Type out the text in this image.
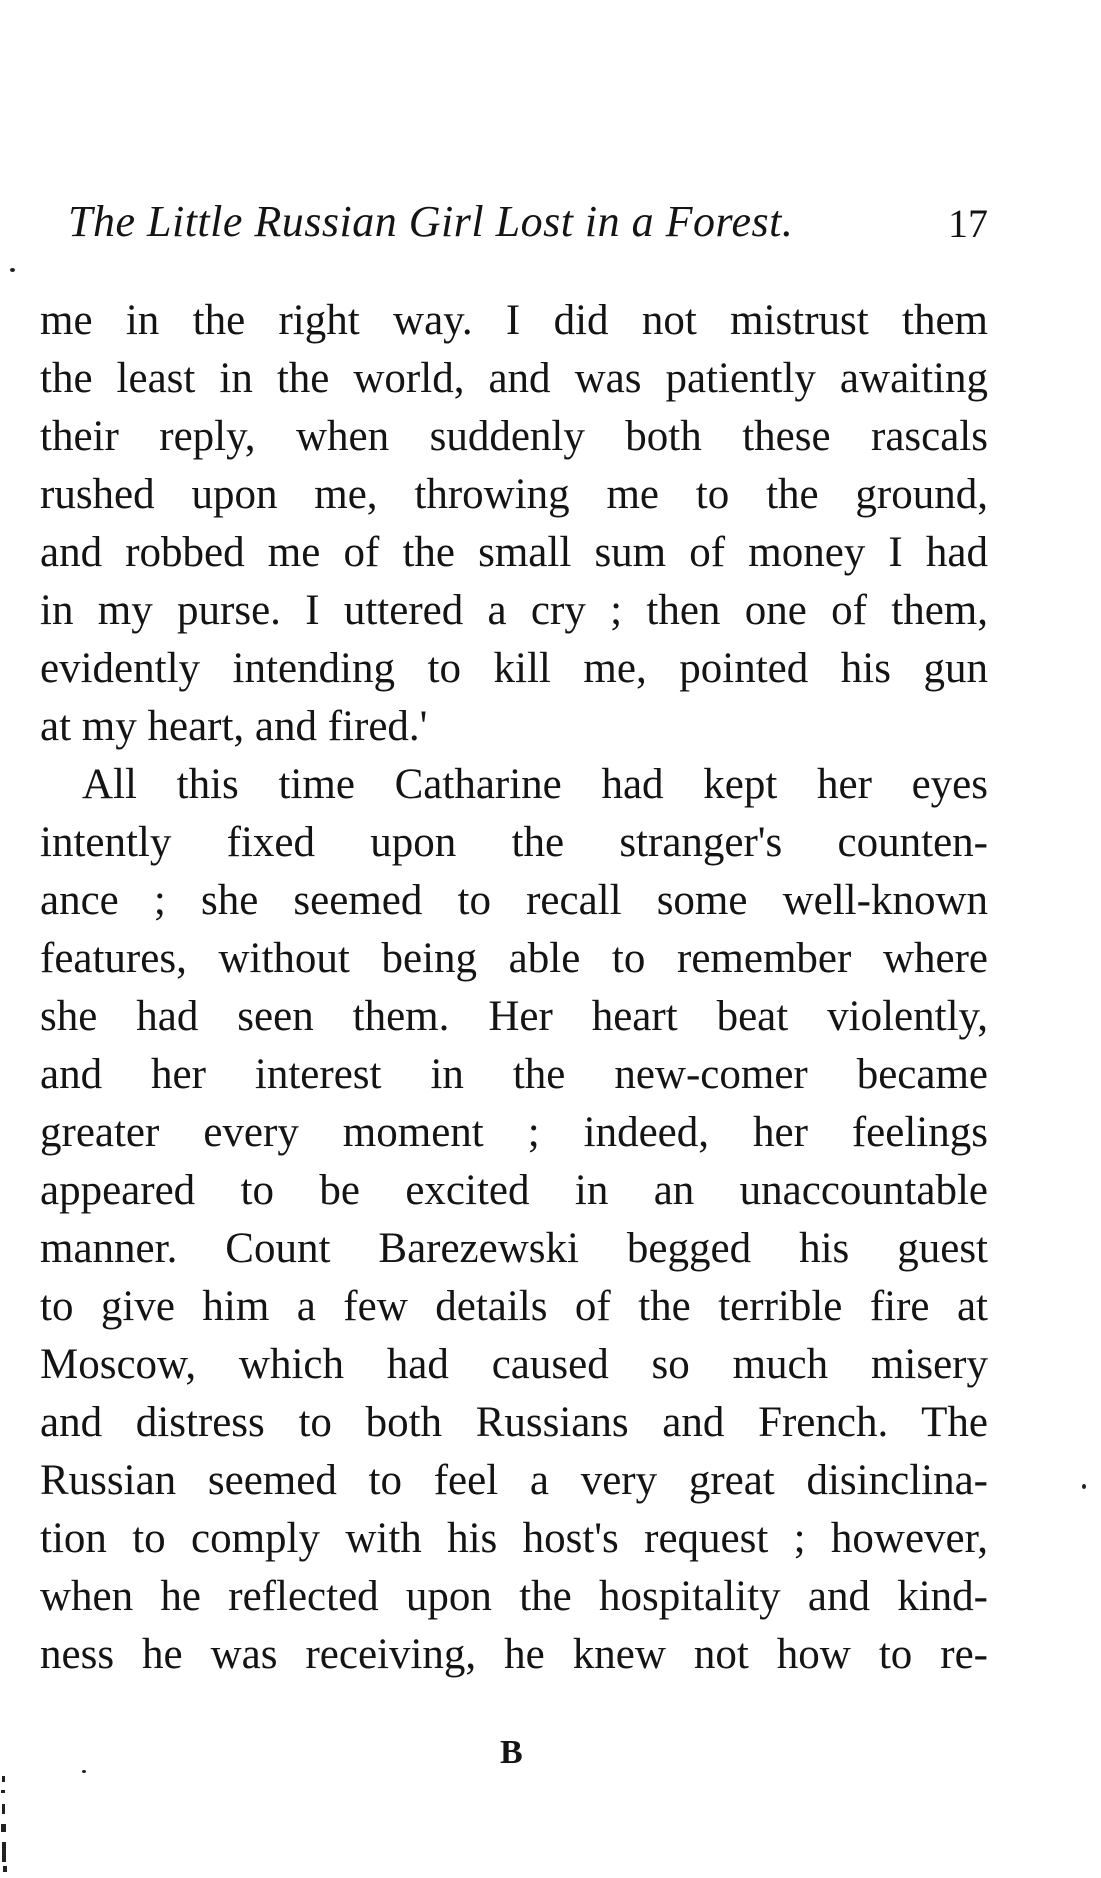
The Little Russian Girl Lost in a Forest.	17
me in the right way. I did not mistrust them
the least in the world, and was patiently awaiting
their reply, when suddenly both these rascals
rushed upon me, throwing me to the ground,
and robbed me of the small sum of money I had
in my purse. I uttered a cry ; then one of them,
evidently intending to kill me, pointed his gun
at my heart, and fired.'
All this time Catharine had kept her eyes
intently fixed upon the stranger's counten-
ance ; she seemed to recall some well-known
features, without being able to remember where
she had seen them. Her heart beat violently,
and her interest in the new-comer became
greater every moment ; indeed, her feelings
appeared to be excited in an unaccountable
manner. Count Barezewski begged his guest
to give him a few details of the terrible fire at
Moscow, which had caused so much misery
and distress to both Russians and French. The
Russian seemed to feel a very great disinclina-
tion to comply with his host's request ; however,
when he reflected upon the hospitality and kind-
ness he was receiving, he knew not how to re-
B
